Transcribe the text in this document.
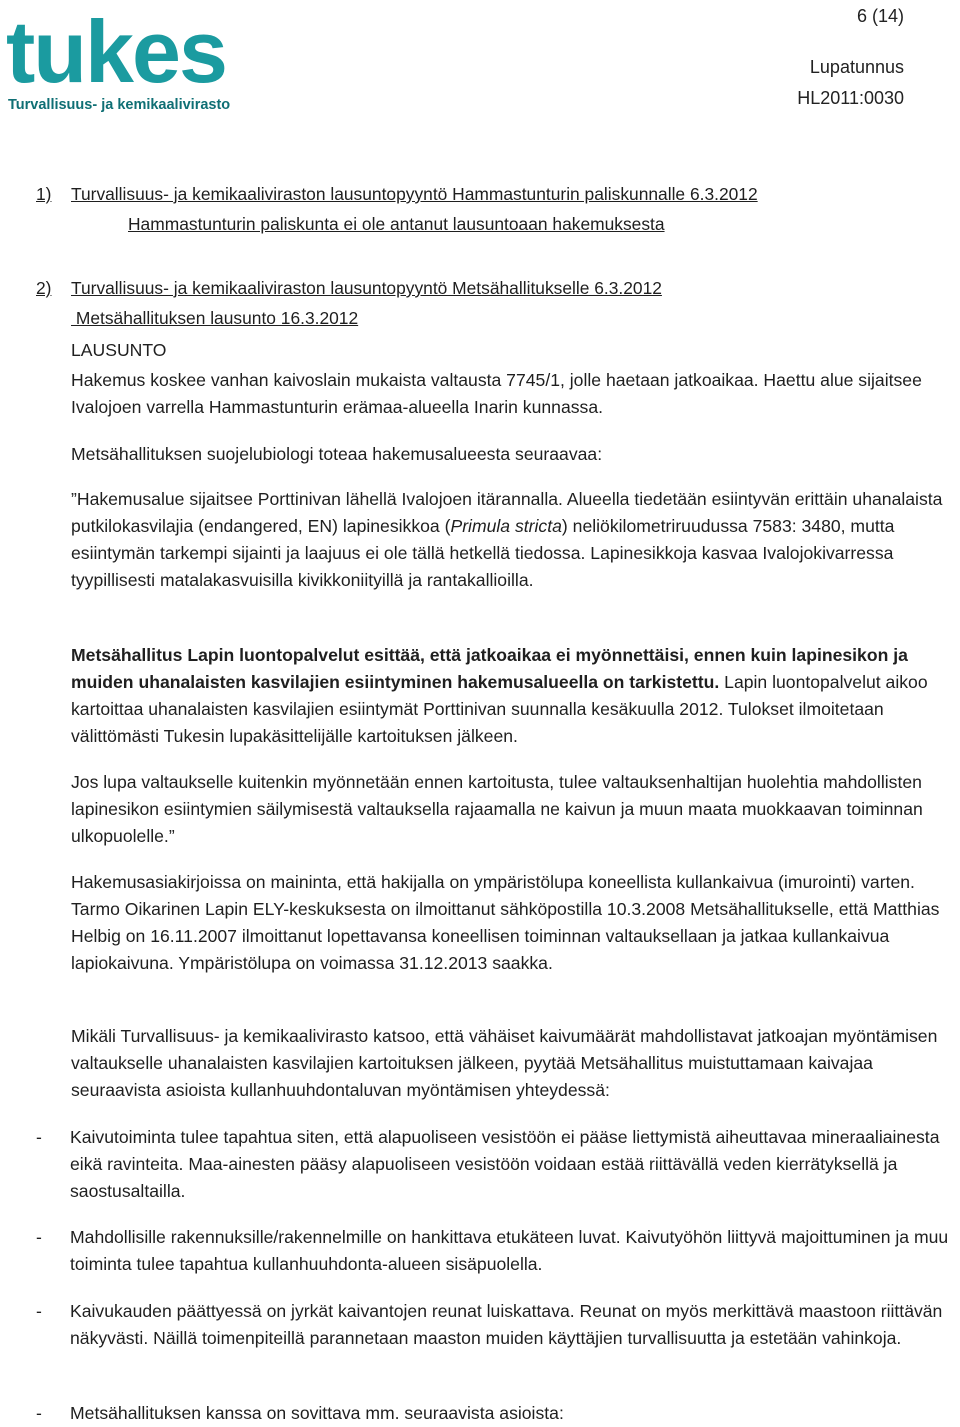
tukes
Turvallisuus- ja kemikaalivirasto
6 (14)
Lupatunnus
HL2011:0030
1) Turvallisuus- ja kemikaaliviraston lausuntopyyntö Hammastunturin paliskunnalle 6.3.2012
Hammastunturin paliskunta ei ole antanut lausuntoaan hakemuksesta
2) Turvallisuus- ja kemikaaliviraston lausuntopyyntö Metsähallitukselle 6.3.2012
Metsähallituksen lausunto 16.3.2012
LAUSUNTO

Hakemus koskee vanhan kaivoslain mukaista valtausta 7745/1, jolle haetaan jatkoaikaa. Haettu alue sijaitsee Ivalojoen varrella Hammastunturin erämaa-alueella Inarin kunnassa.

Metsähallituksen suojelubiologi toteaa hakemusalueesta seuraavaa:

”Hakemusalue sijaitsee Porttinivan lähellä Ivalojoen itärannalla. Alueella tiedetään esiintyvän erittäin uhanalaista putkilokasvilajia (endangered, EN) lapinesikkoa (Primula stricta) neliökilometriruudussa 7583: 3480, mutta esiintymän tarkempi sijainti ja laajuus ei ole tällä hetkellä tiedossa. Lapinesikkoja kasvaa Ivalojokivarressa tyypillisesti matalakasvuisilla kivikkoniityillä ja rantakallioilla.

Metsähallitus Lapin luontopalvelut esittää, että jatkoaikaa ei myönnettäisi, ennen kuin lapinesikon ja muiden uhanalaisten kasvilajien esiintyminen hakemusalueella on tarkistettu. Lapin luontopalvelut aikoo kartoittaa uhanalaisten kasvilajien esiintymät Porttinivan suunnalla kesäkuulla 2012. Tulokset ilmoitetaan välittömästi Tukesin lupakäsittelijälle kartoituksen jälkeen.

Jos lupa valtaukselle kuitenkin myönnetään ennen kartoitusta, tulee valtauksenhaltijan huolehtia mahdollisten lapinesikon esiintymien säilymisestä valtauksella rajaamalla ne kaivun ja muun maata muokkaavan toiminnan ulkopuolelle.”

Hakemusasiakirjoissa on maininta, että hakijalla on ympäristölupa koneellista kullankaivua (imurointi) varten. Tarmo Oikarinen Lapin ELY-keskuksesta on ilmoittanut sähköpostilla 10.3.2008 Metsähallitukselle, että Matthias Helbig on 16.11.2007 ilmoittanut lopettavansa koneellisen toiminnan valtauksellaan ja jatkaa kullankaivua lapiokaivuna. Ympäristölupa on voimassa 31.12.2013 saakka.

Mikäli Turvallisuus- ja kemikaalivirasto katsoo, että vähäiset kaivumäärät mahdollistavat jatkoajan myöntämisen valtaukselle uhanalaisten kasvilajien kartoituksen jälkeen, pyytää Metsähallitus muistuttamaan kaivajaa seuraavista asioista kullanhuuhdontaluvan myöntämisen yhteydessä:

- Kaivutoiminta tulee tapahtua siten, että alapuoliseen vesistöön ei pääse liettymistä aiheuttavaa mineraaliainesta eikä ravinteita. Maa-ainesten pääsy alapuoliseen vesistöön voidaan estää riittävällä veden kierrätyksellä ja saostusaltailla.

- Mahdollisille rakennuksille/rakennelmille on hankittava etukäteen luvat. Kaivutyöhön liittyvä majoittuminen ja muu toiminta tulee tapahtua kullanhuuhdonta-alueen sisäpuolella.

- Kaivukauden päättyessä on jyrkät kaivantojen reunat luiskattava. Reunat on myös merkittävä maastoon riittävän näkyvästi. Näillä toimenpiteillä parannetaan maaston muiden käyttäjien turvallisuutta ja estetään vahinkoja.

- Metsähallituksen kanssa on sovittava mm. seuraavista asioista:
